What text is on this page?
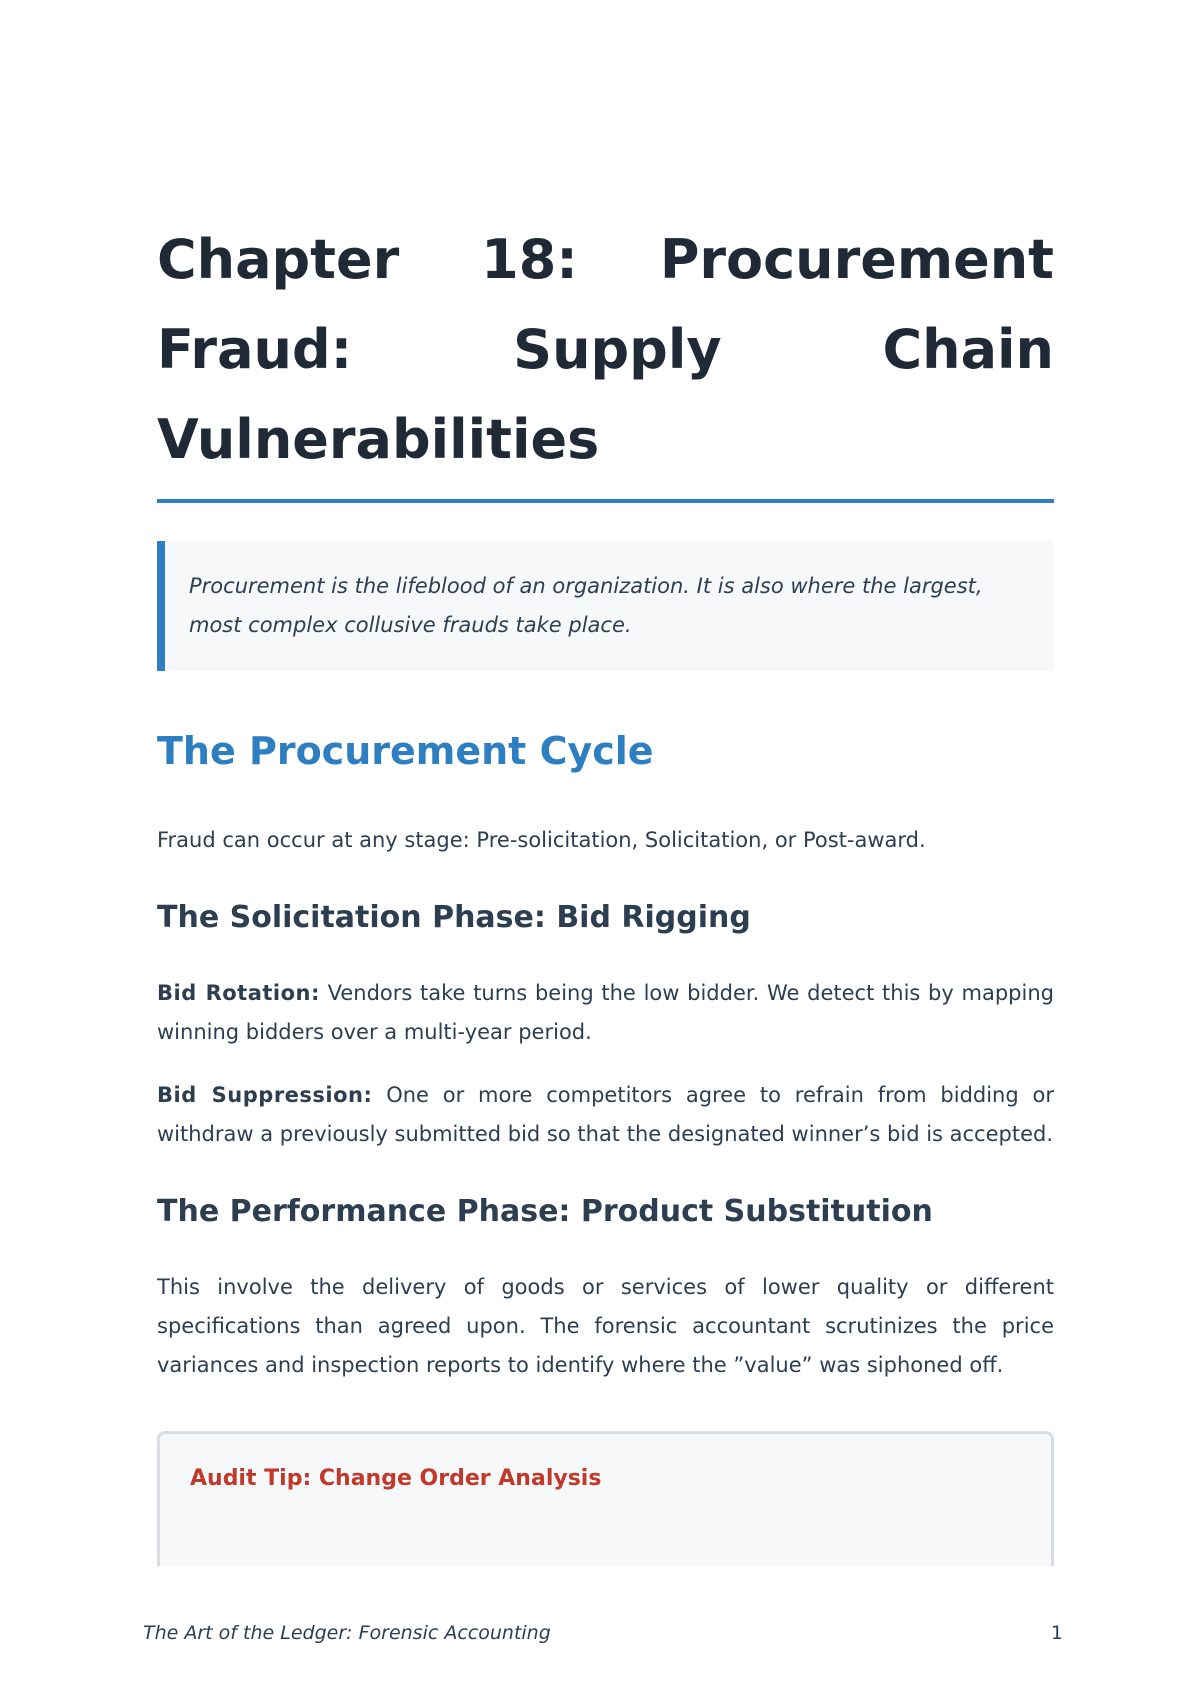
Chapter 18: Procurement Fraud: Supply Chain Vulnerabilities
Procurement is the lifeblood of an organization. It is also where the largest, most complex collusive frauds take place.
The Procurement Cycle

Fraud can occur at any stage: Pre-solicitation, Solicitation, or Post-award.

The Solicitation Phase: Bid Rigging

Bid Rotation: Vendors take turns being the low bidder. We detect this by mapping winning bidders over a multi-year period.

Bid Suppression: One or more competitors agree to refrain from bidding or withdraw a previously submitted bid so that the designated winner’s bid is accepted.

The Performance Phase: Product Substitution

This involve the delivery of goods or services of lower quality or different specifications than agreed upon. The forensic accountant scrutinizes the price variances and inspection reports to identify where the ”value” was siphoned off.

Audit Tip: Change Order Analysis
The Art of the Ledger: Forensic Accounting	1
